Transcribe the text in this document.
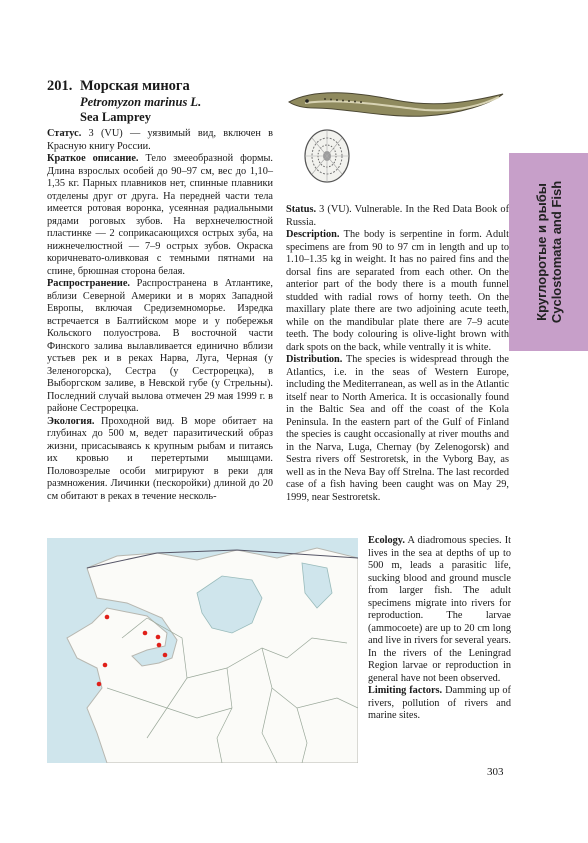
201. Морская минога
Petromyzon marinus L.
Sea Lamprey

Статус. 3 (VU) — уязвимый вид, включен в Красную книгу России.

Краткое описание. Тело змееобразной формы. Длина взрослых особей до 90–97 см, вес до 1,10–1,35 кг. Парных плавников нет, спинные плавники отделены друг от друга. На передней части тела имеется ротовая воронка, усеянная радиальными рядами роговых зубов. На верхнечелюстной пластинке — 2 соприкасающихся острых зуба, на нижнечелюстной — 7–9 острых зубов. Окраска коричневато-оливковая с темными пятнами на спине, брюшная сторона белая.

Распространение. Распространена в Атлантике, вблизи Северной Америки и в морях Западной Европы, включая Средиземноморье. Изредка встречается в Балтийском море и у побережья Кольского полуострова. В восточной части Финского залива вылавливается единично вблизи устьев рек и в реках Нарва, Луга, Черная (у Зеленогорска), Сестра (у Сестрорецка), в Выборгском заливе, в Невской губе (у Стрельны). Последний случай вылова отмечен 29 мая 1999 г. в районе Сестрорецка.

Экология. Проходной вид. В море обитает на глубинах до 500 м, ведет паразитический образ жизни, присасываясь к крупным рыбам и питаясь их кровью и перетертыми мышцами. Половозрелые особи мигрируют в реки для размножения. Личинки (пескоройки) длиной до 20 см обитают в реках в течение несколь-

Status. 3 (VU). Vulnerable. In the Red Data Book of Russia.

Description. The body is serpentine in form. Adult specimens are from 90 to 97 cm in length and up to 1.10–1.35 kg in weight. It has no paired fins and the dorsal fins are separated from each other. On the anterior part of the body there is a mouth funnel studded with radial rows of horny teeth. On the maxillary plate there are two adjoining acute teeth, while on the mandibular plate there are 7–9 acute teeth. The body colouring is olive-light brown with dark spots on the back, while ventrally it is white.

Distribution. The species is widespread through the Atlantics, i.e. in the seas of Western Europe, including the Mediterranean, as well as in the Atlantic itself near to North America. It is occasionally found in the Baltic Sea and off the coast of the Kola Peninsula. In the eastern part of the Gulf of Finland the species is caught occasionally at river mouths and in the Narva, Luga, Chernay (by Zelenogorsk) and Sestra rivers off Sestroretsk, in the Vyborg Bay, as well as in the Neva Bay off Strelna. The last recorded case of a fish having been caught was on May 29, 1999, near Sestroretsk.

Ecology. A diadromous species. It lives in the sea at depths of up to 500 m, leads a parasitic life, sucking blood and ground muscle from larger fish. The adult specimens migrate into rivers for reproduction. The larvae (ammocoete) are up to 20 cm long and live in rivers for several years. In the rivers of the Leningrad Region larvae or reproduction in general have not been observed.

Limiting factors. Damming up of rivers, pollution of rivers and marine sites.

Круглоротые и рыбы Cyclostomata and Fish
303
